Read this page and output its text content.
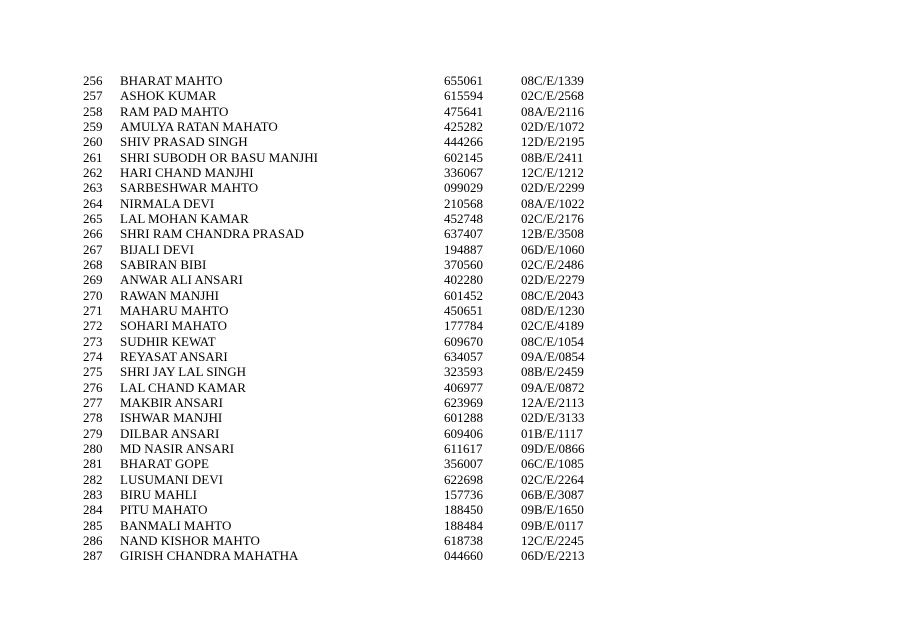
256 BHARAT MAHTO	655061	08C/E/1339
257 ASHOK KUMAR	615594	02C/E/2568
258 RAM PAD MAHTO	475641	08A/E/2116
259 AMULYA RATAN MAHATO	425282	02D/E/1072
260 SHIV PRASAD SINGH	444266	12D/E/2195
261 SHRI SUBODH OR BASU MANJHI	602145	08B/E/2411
262 HARI CHAND MANJHI	336067	12C/E/1212
263 SARBESHWAR MAHTO	099029	02D/E/2299
264 NIRMALA DEVI	210568	08A/E/1022
265 LAL MOHAN KAMAR	452748	02C/E/2176
266 SHRI RAM CHANDRA PRASAD	637407	12B/E/3508
267 BIJALI DEVI	194887	06D/E/1060
268 SABIRAN BIBI	370560	02C/E/2486
269 ANWAR ALI ANSARI	402280	02D/E/2279
270 RAWAN MANJHI	601452	08C/E/2043
271 MAHARU MAHTO	450651	08D/E/1230
272 SOHARI MAHATO	177784	02C/E/4189
273 SUDHIR KEWAT	609670	08C/E/1054
274 REYASAT ANSARI	634057	09A/E/0854
275 SHRI JAY LAL SINGH	323593	08B/E/2459
276 LAL CHAND KAMAR	406977	09A/E/0872
277 MAKBIR ANSARI	623969	12A/E/2113
278 ISHWAR MANJHI	601288	02D/E/3133
279 DILBAR ANSARI	609406	01B/E/1117
280 MD NASIR ANSARI	611617	09D/E/0866
281 BHARAT GOPE	356007	06C/E/1085
282 LUSUMANI DEVI	622698	02C/E/2264
283 BIRU MAHLI	157736	06B/E/3087
284 PITU MAHATO	188450	09B/E/1650
285 BANMALI MAHTO	188484	09B/E/0117
286 NAND KISHOR MAHTO	618738	12C/E/2245
287 GIRISH CHANDRA MAHATHA	044660	06D/E/2213
